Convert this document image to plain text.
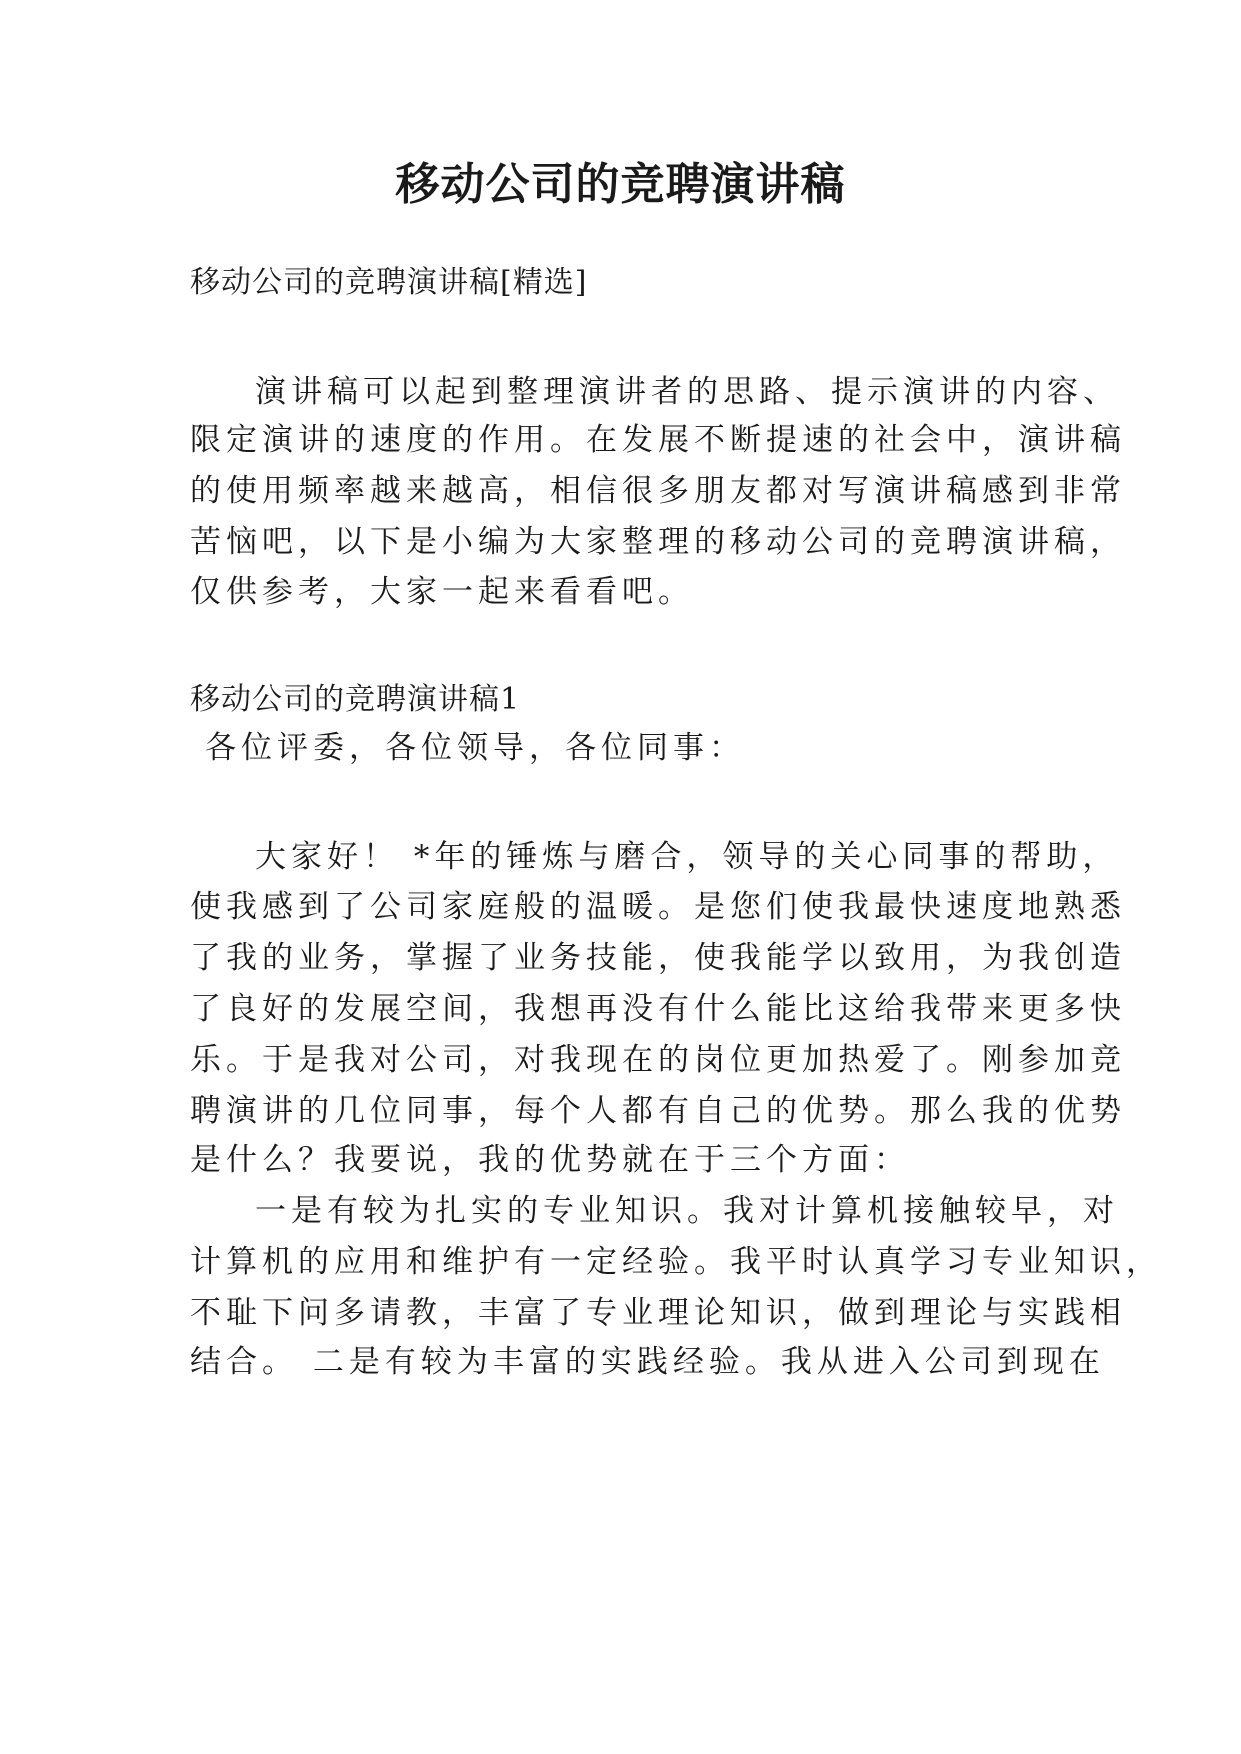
移动公司的竞聘演讲稿

移动公司的竞聘演讲稿[精选]

演讲稿可以起到整理演讲者的思路、提示演讲的内容、

限定演讲的速度的作用。在发展不断提速的社会中，演讲稿

的使用频率越来越高，相信很多朋友都对写演讲稿感到非常

苦恼吧，以下是小编为大家整理的移动公司的竞聘演讲稿，

仅供参考，大家一起来看看吧。

移动公司的竞聘演讲稿1

各位评委，各位领导，各位同事：

大家好！ *年的锤炼与磨合，领导的关心同事的帮助，

使我感到了公司家庭般的温暖。是您们使我最快速度地熟悉

了我的业务，掌握了业务技能，使我能学以致用，为我创造

了良好的发展空间，我想再没有什么能比这给我带来更多快

乐。于是我对公司，对我现在的岗位更加热爱了。刚参加竞

聘演讲的几位同事，每个人都有自己的优势。那么我的优势

是什么？我要说，我的优势就在于三个方面：

一是有较为扎实的专业知识。我对计算机接触较早，对

计算机的应用和维护有一定经验。我平时认真学习专业知识，

不耻下问多请教，丰富了专业理论知识，做到理论与实践相

结合。 二是有较为丰富的实践经验。我从进入公司到现在
